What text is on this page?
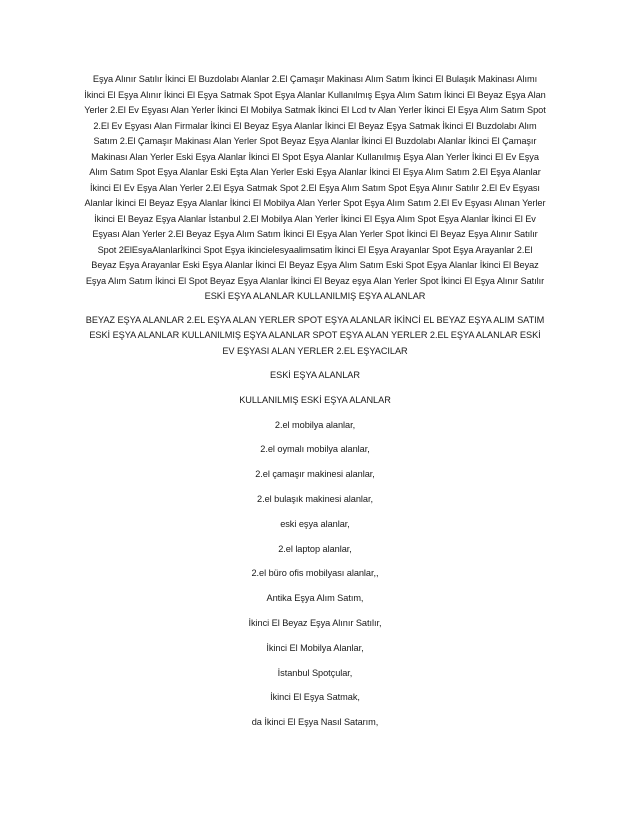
Eşya Alınır Satılır İkinci El Buzdolabı Alanlar 2.El Çamaşır Makinası Alım Satım İkinci El Bulaşık Makinası Alımı İkinci El Eşya Alınır İkinci El Eşya Satmak Spot Eşya Alanlar Kullanılmış Eşya Alım Satım İkinci El Beyaz Eşya Alan Yerler 2.El Ev Eşyası Alan Yerler İkinci El Mobilya Satmak İkinci El Lcd tv Alan Yerler İkinci El Eşya Alım Satım Spot 2.El Ev Eşyası Alan Firmalar İkinci El Beyaz Eşya Alanlar İkinci El Beyaz Eşya Satmak İkinci El Buzdolabı Alım Satım 2.El Çamaşır Makinası Alan Yerler Spot Beyaz Eşya Alanlar İkinci El Buzdolabı Alanlar İkinci El Çamaşır Makinası Alan Yerler Eski Eşya Alanlar İkinci El Spot Eşya Alanlar Kullanılmış Eşya Alan Yerler İkinci El Ev Eşya Alım Satım Spot Eşya Alanlar Eski Eşta Alan Yerler Eski Eşya Alanlar İkinci El Eşya Alım Satım 2.El Eşya Alanlar İkinci El Ev Eşya Alan Yerler 2.El Eşya Satmak Spot 2.El Eşya Alım Satım Spot Eşya Alınır Satılır 2.El Ev Eşyası Alanlar İkinci El Beyaz Eşya Alanlar İkinci El Mobilya Alan Yerler Spot Eşya Alım Satım 2.El Ev Eşyası Alınan Yerler İkinci El Beyaz Eşya Alanlar İstanbul 2.El Mobilya Alan Yerler İkinci El Eşya Alım Spot Eşya Alanlar İkinci El Ev Eşyası Alan Yerler 2.El Beyaz Eşya Alım Satım İkinci El Eşya Alan Yerler Spot İkinci El Beyaz Eşya Alınır Satılır Spot 2ElEsyaAlanlarİkinci Spot Eşya ikincielesyaalimsatim İkinci El Eşya Arayanlar Spot Eşya Arayanlar 2.El Beyaz Eşya Arayanlar Eski Eşya Alanlar İkinci El Beyaz Eşya Alım Satım Eski Spot Eşya Alanlar İkinci El Beyaz Eşya Alım Satım İkinci El Spot Beyaz Eşya Alanlar İkinci El Beyaz eşya Alan Yerler Spot İkinci El Eşya Alınır Satılır ESKİ EŞYA ALANLAR KULLANILMIŞ EŞYA ALANLAR

BEYAZ EŞYA ALANLAR 2.EL EŞYA ALAN YERLER SPOT EŞYA ALANLAR İKİNCİ EL BEYAZ EŞYA ALIM SATIM ESKİ EŞYA ALANLAR KULLANILMIŞ EŞYA ALANLAR SPOT EŞYA ALAN YERLER 2.EL EŞYA ALANLAR ESKİ EV EŞYASI ALAN YERLER 2.EL EŞYACILAR

ESKİ EŞYA ALANLAR
KULLANILMIŞ ESKİ EŞYA ALANLAR
2.el mobilya alanlar,
2.el oymalı mobilya alanlar,
2.el çamaşır makinesi alanlar,
2.el bulaşık makinesi alanlar,
eski eşya alanlar,
2.el laptop alanlar,
2.el büro ofis mobilyası alanlar,,
Antika Eşya Alım Satım,
İkinci El Beyaz Eşya Alınır Satılır,
İkinci El Mobilya Alanlar,
İstanbul Spotçular,
İkinci El Eşya Satmak,
da İkinci El Eşya Nasıl Satarım,
